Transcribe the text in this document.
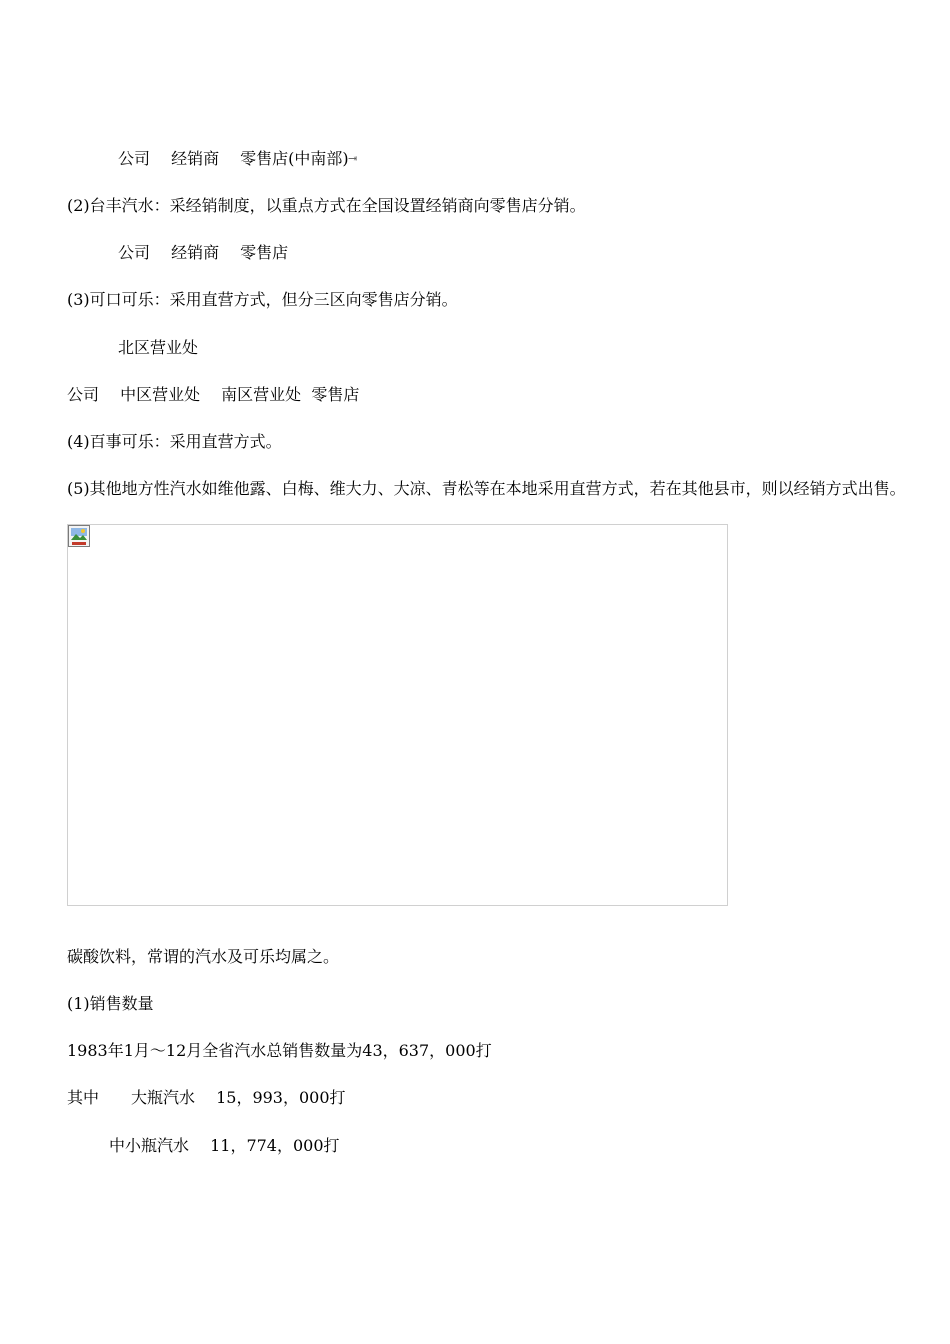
公司　 经销商　 零售店(中南部) ⇥
(2)台丰汽水：采经销制度，以重点方式在全国设置经销商向零售店分销。
公司　 经销商　 零售店
(3)可口可乐：采用直营方式，但分三区向零售店分销。
北区营业处
公司　 中区营业处　 南区营业处  零售店
(4)百事可乐：采用直营方式。
(5)其他地方性汽水如维他露、白梅、维大力、大凉、青松等在本地采用直营方式，若在其他县市，则以经销方式出售。
碳酸饮料，常谓的汽水及可乐均属之。
(1)销售数量
1983年1月～12月全省汽水总销售数量为43，637，000打
其中　　大瓶汽水　 15，993，000打
中小瓶汽水　 11，774，000打
